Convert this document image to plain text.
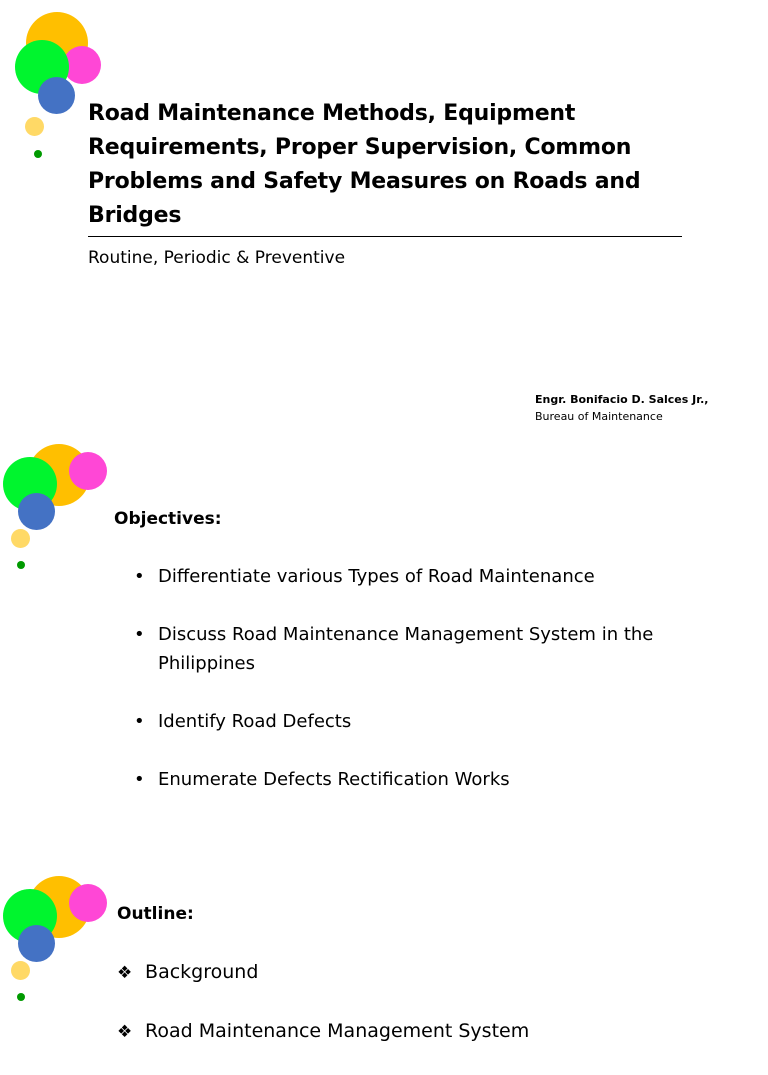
Road Maintenance Methods, Equipment Requirements, Proper Supervision, Common Problems and Safety Measures on Roads and Bridges

Routine, Periodic & Preventive

Engr. Bonifacio D. Salces Jr.,
Bureau of Maintenance
Objectives:
• Differentiate various Types of Road Maintenance
• Discuss Road Maintenance Management System in the Philippines
• Identify Road Defects
• Enumerate Defects Rectification Works
Outline:
❖ Background
❖ Road Maintenance Management System
